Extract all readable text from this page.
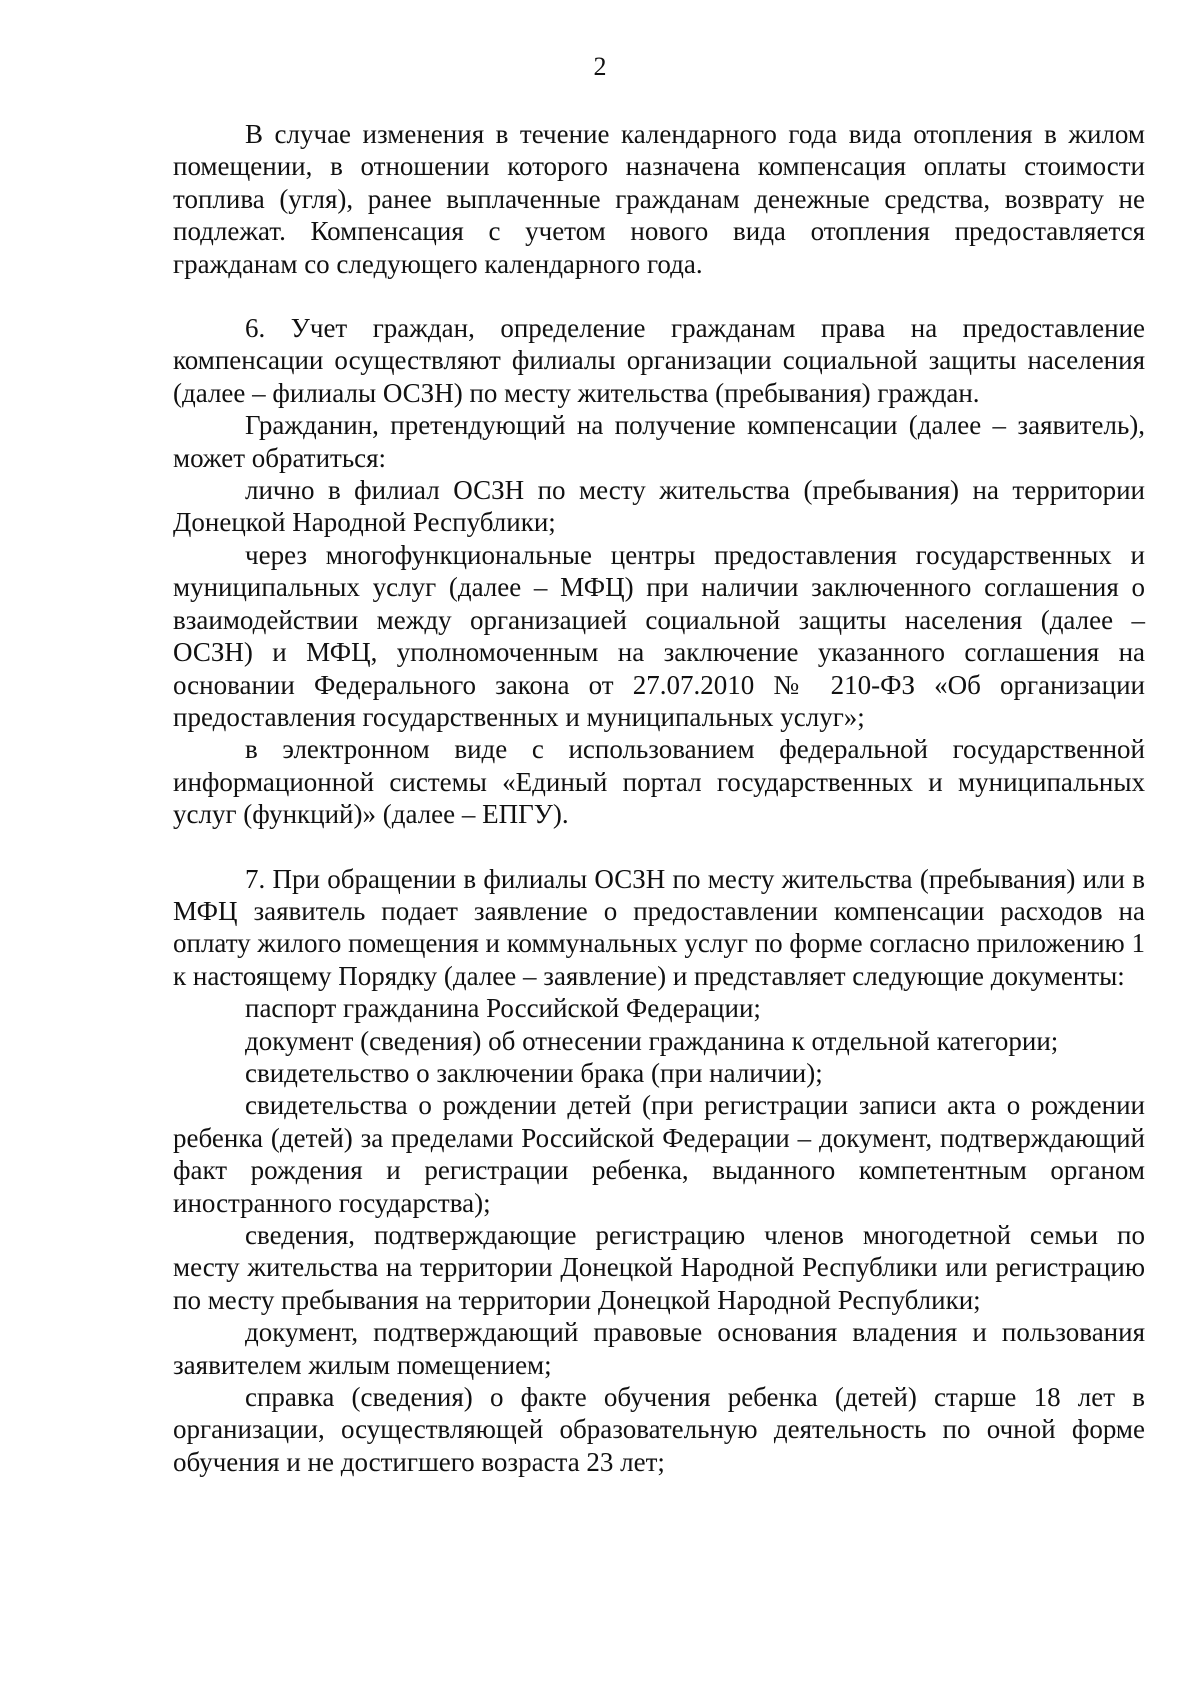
2

В случае изменения в течение календарного года вида отопления в жилом помещении, в отношении которого назначена компенсация оплаты стоимости топлива (угля), ранее выплаченные гражданам денежные средства, возврату не подлежат. Компенсация с учетом нового вида отопления предоставляется гражданам со следующего календарного года.

6. Учет граждан, определение гражданам права на предоставление компенсации осуществляют филиалы организации социальной защиты населения (далее – филиалы ОСЗН) по месту жительства (пребывания) граждан.

Гражданин, претендующий на получение компенсации (далее – заявитель), может обратиться:

лично в филиал ОСЗН по месту жительства (пребывания) на территории Донецкой Народной Республики;

через многофункциональные центры предоставления государственных и муниципальных услуг (далее – МФЦ) при наличии заключенного соглашения о взаимодействии между организацией социальной защиты населения (далее – ОСЗН) и МФЦ, уполномоченным на заключение указанного соглашения на основании Федерального закона от 27.07.2010 № 210-ФЗ «Об организации предоставления государственных и муниципальных услуг»;

в электронном виде с использованием федеральной государственной информационной системы «Единый портал государственных и муниципальных услуг (функций)» (далее – ЕПГУ).

7. При обращении в филиалы ОСЗН по месту жительства (пребывания) или в МФЦ заявитель подает заявление о предоставлении компенсации расходов на оплату жилого помещения и коммунальных услуг по форме согласно приложению 1 к настоящему Порядку (далее – заявление) и представляет следующие документы:

паспорт гражданина Российской Федерации;

документ (сведения) об отнесении гражданина к отдельной категории;

свидетельство о заключении брака (при наличии);

свидетельства о рождении детей (при регистрации записи акта о рождении ребенка (детей) за пределами Российской Федерации – документ, подтверждающий факт рождения и регистрации ребенка, выданного компетентным органом иностранного государства);

сведения, подтверждающие регистрацию членов многодетной семьи по месту жительства на территории Донецкой Народной Республики или регистрацию по месту пребывания на территории Донецкой Народной Республики;

документ, подтверждающий правовые основания владения и пользования заявителем жилым помещением;

справка (сведения) о факте обучения ребенка (детей) старше 18 лет в организации, осуществляющей образовательную деятельность по очной форме обучения и не достигшего возраста 23 лет;
